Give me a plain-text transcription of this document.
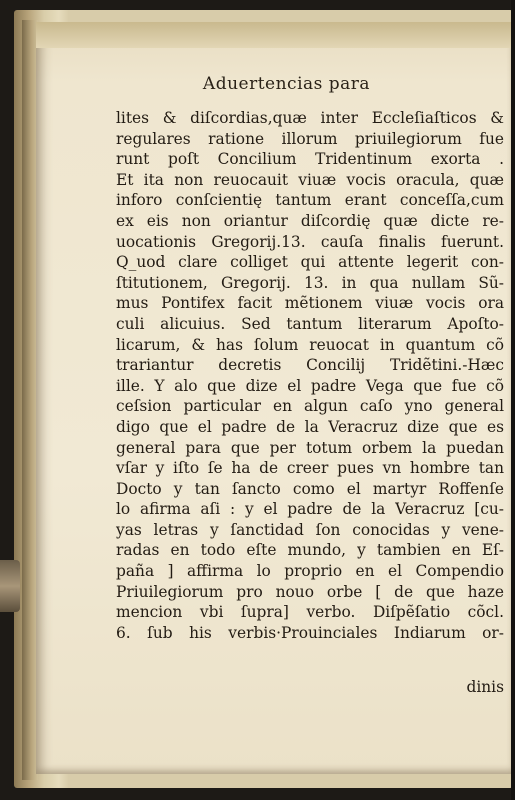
Aduertencias para
lites & diſcordias,quæ inter Eccleſiaſticos &
regulares ratione illorum priuilegiorum fue
runt poſt Concilium Tridentinum exorta .
Et ita non reuocauit viuæ vocis oracula, quæ
inforo conſcientię tantum erant conceſſa,cum
ex eis non oriantur diſcordię quæ dicte re-
uocationis Gregorij.13. cauſa finalis fuerunt.
Q_uod clare colliget qui attente legerit con-
ſtitutionem, Gregorij. 13. in qua nullam Sũ-
mus Pontifex facit mẽtionem viuæ vocis ora
culi alicuius. Sed tantum literarum Apoſto-
licarum, & has ſolum reuocat in quantum cõ
trariantur decretis Concilij Tridẽtini.-Hæc
ille. Y alo que dize el padre Vega que fue cõ
ceſsion particular en algun caſo yno general
digo que el padre de la Veracruz dize que es
general para que per totum orbem la puedan
vſar y iſto ſe ha de creer pues vn hombre tan
Docto y tan ſancto como el martyr Roffenſe
lo afirma aſi : y el padre de la Veracruz [cu-
yas letras y ſanctidad ſon conocidas y vene-
radas en todo eſte mundo, y tambien en Eſ-
paña ] affirma lo proprio en el Compendio
Priuilegiorum pro nouo orbe [ de que haze
mencion vbi ſupra] verbo. Diſpẽſatio cõcl.
6. ſub his verbis·Prouinciales Indiarum or-
dinis
